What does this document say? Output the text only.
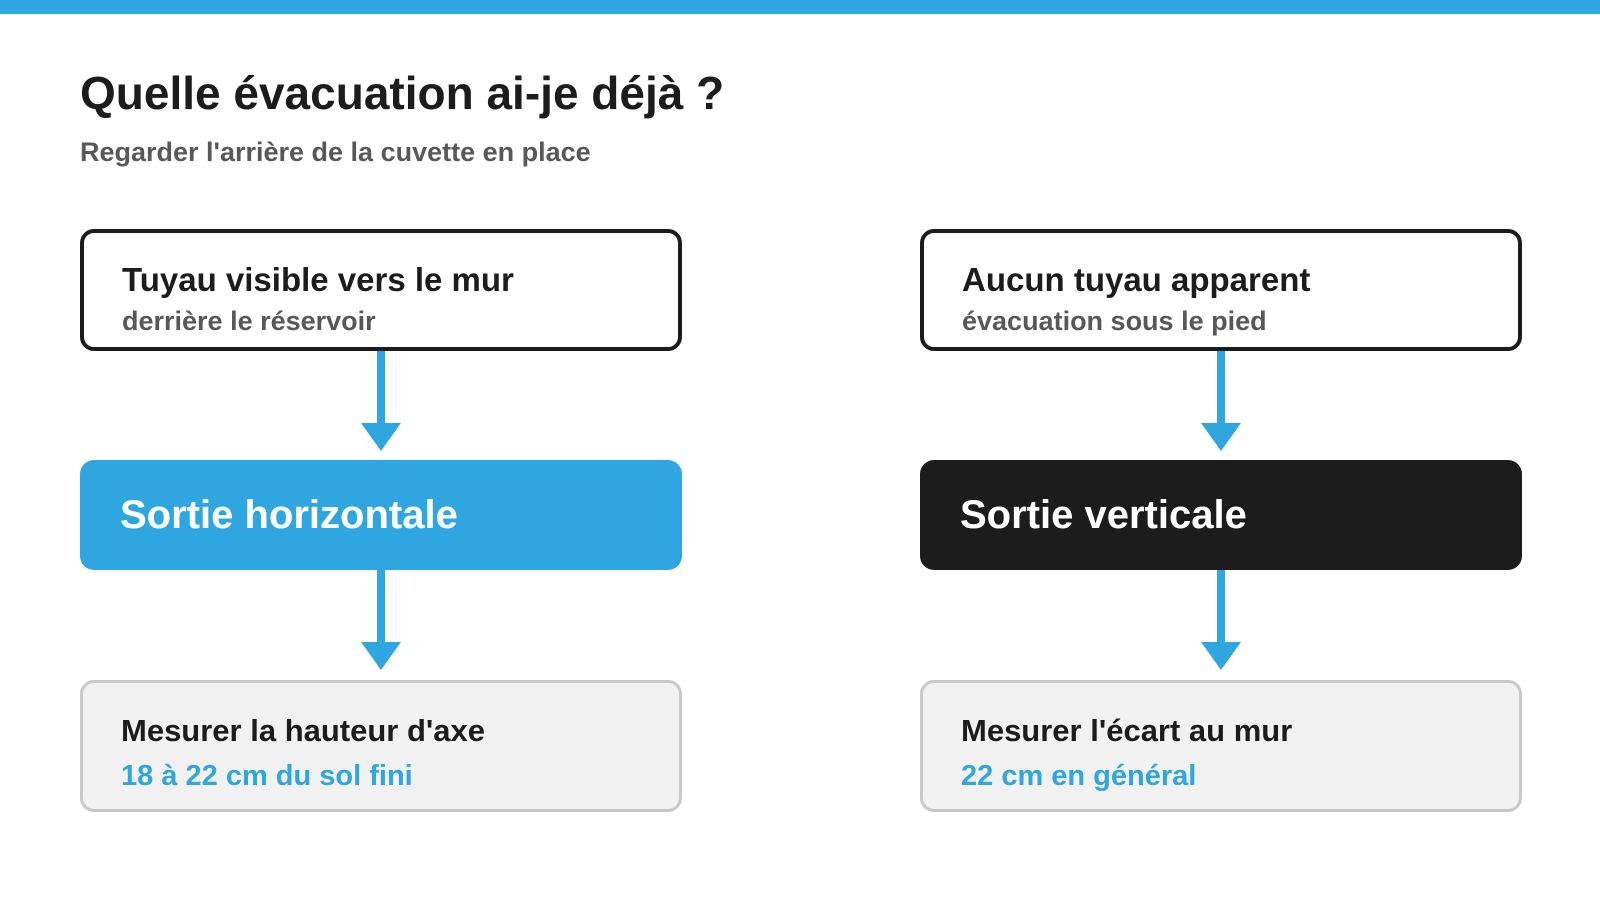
Quelle évacuation ai-je déjà ?
Regarder l'arrière de la cuvette en place
Tuyau visible vers le mur
derrière le réservoir
Sortie horizontale
Mesurer la hauteur d'axe
18 à 22 cm du sol fini
Aucun tuyau apparent
évacuation sous le pied
Sortie verticale
Mesurer l'écart au mur
22 cm en général
